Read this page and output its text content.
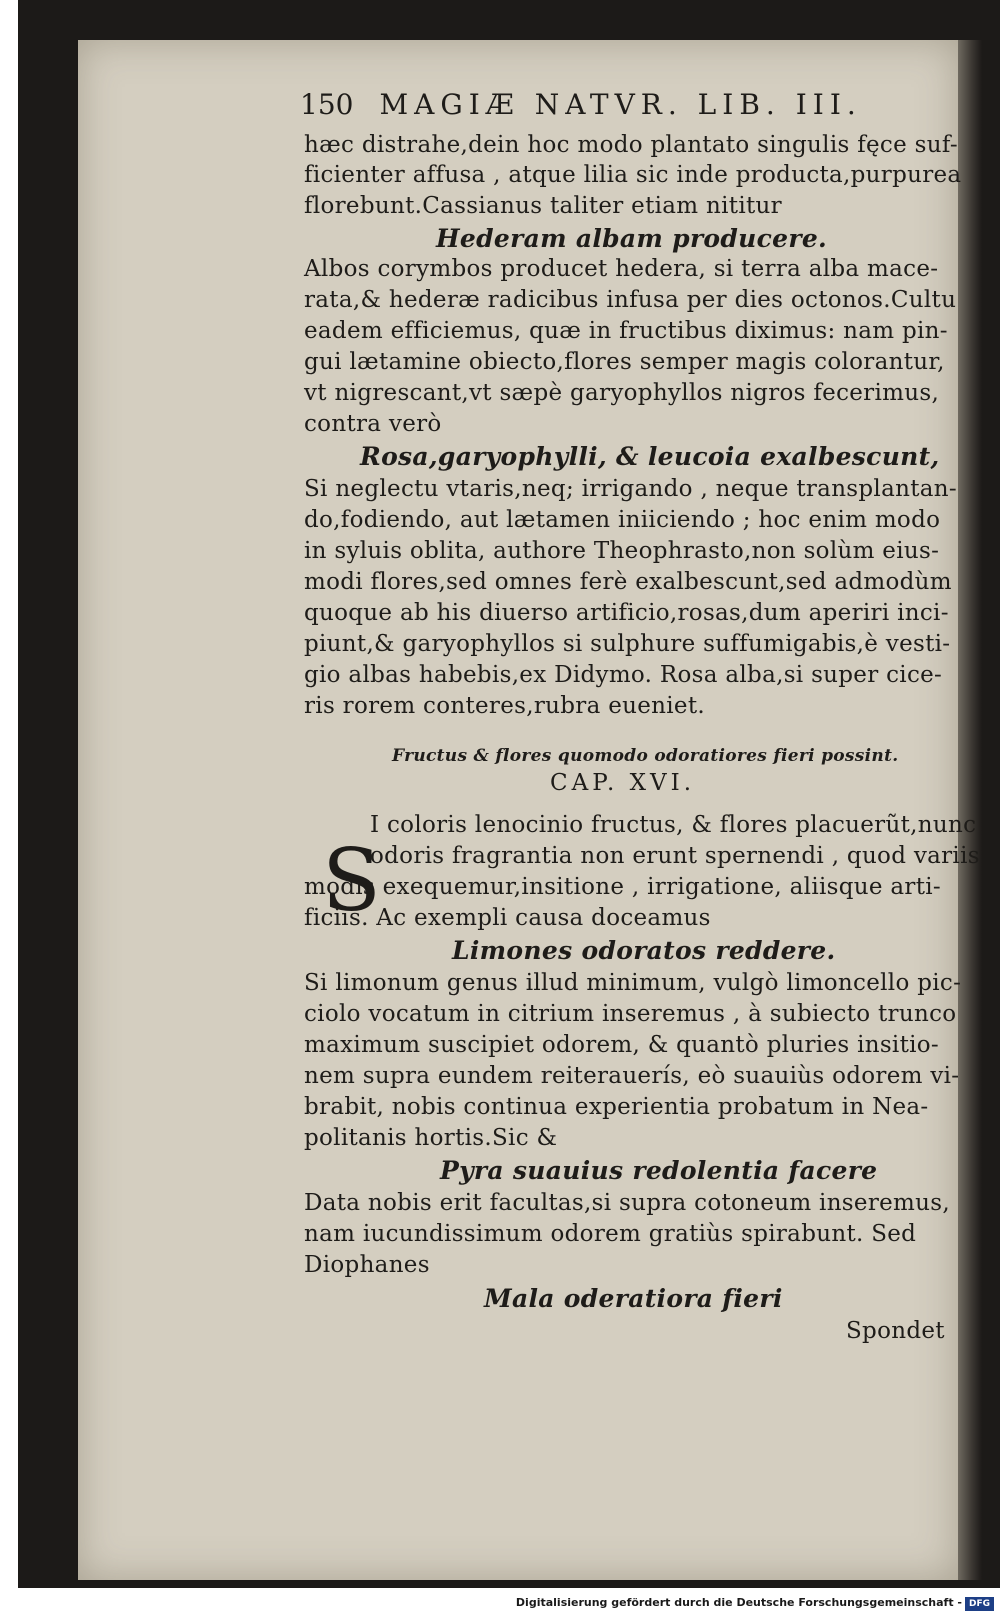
150 MAGIÆ NATVR. LIB. III.
hæc distrahe,dein hoc modo plantato singulis fęce suf-
ficienter affusa , atque lilia sic inde producta,purpurea
florebunt.Cassianus taliter etiam nititur
Hederam albam producere.
Albos corymbos producet hedera, si terra alba mace-
rata,& hederæ radicibus infusa per dies octonos.Cultu
eadem efficiemus, quæ in fructibus diximus: nam pin-
gui lætamine obiecto,flores semper magis colorantur,
vt nigrescant,vt sæpè garyophyllos nigros fecerimus,
contra verò
Rosa,garyophylli, & leucoia exalbescunt,
Si neglectu vtaris,neq; irrigando , neque transplantan-
do,fodiendo, aut lætamen iniiciendo ; hoc enim modo
in syluis oblita, authore Theophrasto,non solùm eius-
modi flores,sed omnes ferè exalbescunt,sed admodùm
quoque ab his diuerso artificio,rosas,dum aperiri inci-
piunt,& garyophyllos si sulphure suffumigabis,è vesti-
gio albas habebis,ex Didymo. Rosa alba,si super cice-
ris rorem conteres,rubra eueniet.
Fructus & flores quomodo odoratiores fieri possint.
CAP. XVI.
S
I coloris lenocinio fructus, & flores placuerũt,nunc
odoris fragrantia non erunt spernendi , quod variis
modis exequemur,insitione , irrigatione, aliisque arti-
ficiis. Ac exempli causa doceamus
Limones odoratos reddere.
Si limonum genus illud minimum, vulgò limoncello pic-
ciolo vocatum in citrium inseremus , à subiecto trunco
maximum suscipiet odorem, & quantò pluries insitio-
nem supra eundem reiterauerís, eò suauiùs odorem vi-
brabit, nobis continua experientia probatum in Nea-
politanis hortis.Sic &
Pyra suauius redolentia facere
Data nobis erit facultas,si supra cotoneum inseremus,
nam iucundissimum odorem gratiùs spirabunt. Sed
Diophanes
Mala oderatiora fieri
Spondet
Digitalisierung gefördert durch die Deutsche Forschungsgemeinschaft - DFG
